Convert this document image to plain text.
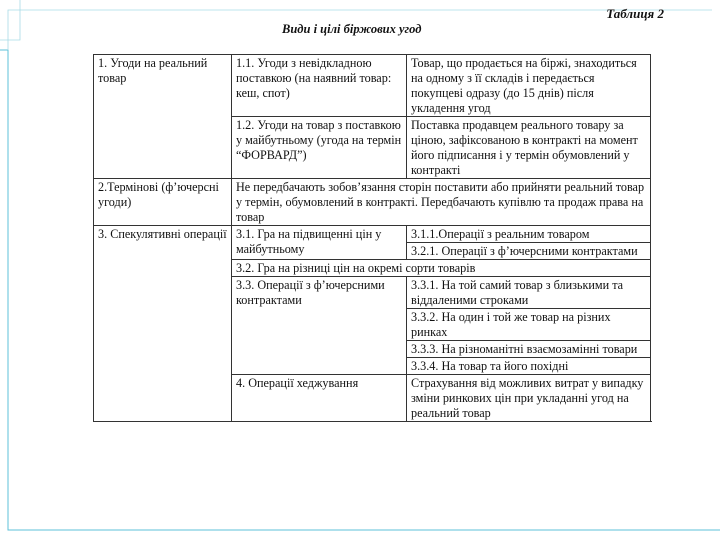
Таблиця 2
Види і цілі біржових угод
1. Угоди на реальний товар	1.1. Угоди з невідкладною поставкою (на наявний товар: кеш, спот)	Товар, що продається на біржі, знаходиться на одному з її складів і передається покупцеві одразу (до 15 днів) після укладення угод
	1.2. Угоди на товар з поставкою у майбутньому (угода на термін “ФОРВАРД”)	Поставка продавцем реального товару за ціною, зафіксованою в контракті на момент його підписання і у термін обумовлений у контракті
2.Термінові (ф’ючерсні угоди)	Не передбачають зобов’язання сторін поставити або прийняти реальний товар у термін, обумовлений в контракті. Передбачають купівлю та продаж права на товар	
3. Спекулятивні операції	3.1. Гра на підвищенні цін у майбутньому	3.1.1.Операції з реальним товаром
		3.2.1. Операції з ф’ючерсними контрактами
	3.2. Гра на різниці цін на окремі сорти товарів	
	3.3. Операції з ф’ючерсними контрактами	3.3.1. На той самий товар з близькими та віддаленими строками
		3.3.2. На один і той же товар на різних ринках
		3.3.3. На різноманітні взаємозамінні товари
		3.3.4. На товар та його похідні
	4. Операції хеджування	Страхування від можливих витрат у випадку зміни ринкових цін при укладанні угод на реальний товар
